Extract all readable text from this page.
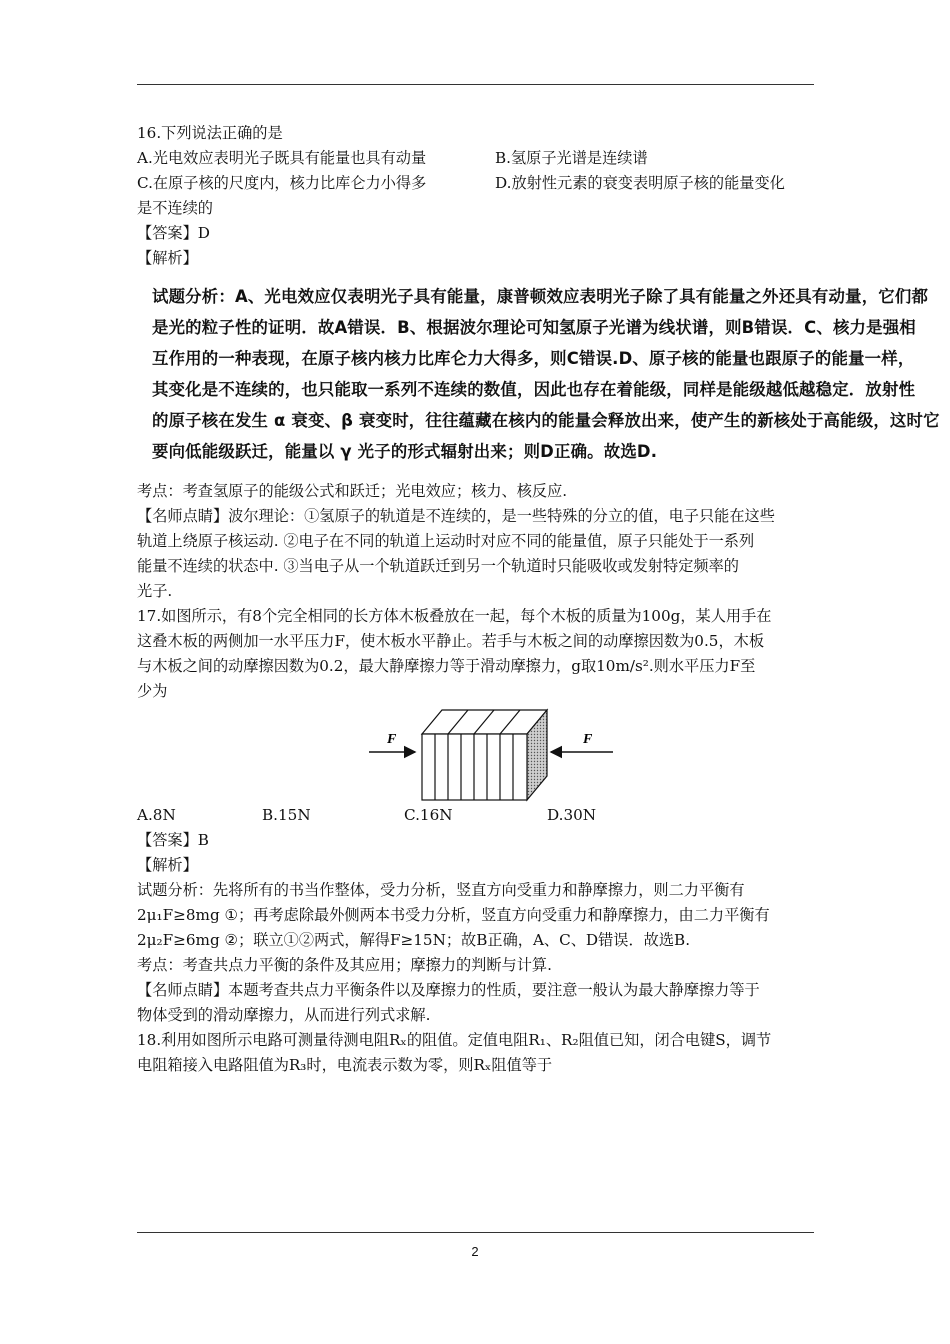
16.下列说法正确的是
A.光电效应表明光子既具有能量也具有动量	B.氢原子光谱是连续谱
C.在原子核的尺度内，核力比库仑力小得多	D.放射性元素的衰变表明原子核的能量变化
是不连续的
【答案】D
【解析】
试题分析：A、光电效应仅表明光子具有能量，康普顿效应表明光子除了具有能量之外还具有动量，它们都
是光的粒子性的证明．故A错误．B、根据波尔理论可知氢原子光谱为线状谱，则B错误．C、核力是强相
互作用的一种表现，在原子核内核力比库仑力大得多，则C错误.D、原子核的能量也跟原子的能量一样，
其变化是不连续的，也只能取一系列不连续的数值，因此也存在着能级，同样是能级越低越稳定．放射性
的原子核在发生 α 衰变、β 衰变时，往往蕴藏在核内的能量会释放出来，使产生的新核处于高能级，这时它
要向低能级跃迁，能量以 γ 光子的形式辐射出来；则D正确。故选D.
考点：考查氢原子的能级公式和跃迁；光电效应；核力、核反应.
【名师点睛】波尔理论：①氢原子的轨道是不连续的，是一些特殊的分立的值，电子只能在这些
轨道上绕原子核运动. ②电子在不同的轨道上运动时对应不同的能量值，原子只能处于一系列
能量不连续的状态中. ③当电子从一个轨道跃迁到另一个轨道时只能吸收或发射特定频率的
光子.
17.如图所示，有8个完全相同的长方体木板叠放在一起，每个木板的质量为100g，某人用手在
这叠木板的两侧加一水平压力F，使木板水平静止。若手与木板之间的动摩擦因数为0.5，木板
与木板之间的动摩擦因数为0.2，最大静摩擦力等于滑动摩擦力，g取10m/s².则水平压力F至
少为
F	F
A.8N	B.15N	C.16N	D.30N
【答案】B
【解析】
试题分析：先将所有的书当作整体，受力分析，竖直方向受重力和静摩擦力，则二力平衡有
2μ₁F≥8mg ①；再考虑除最外侧两本书受力分析，竖直方向受重力和静摩擦力，由二力平衡有
2μ₂F≥6mg ②；联立①②两式，解得F≥15N；故B正确，A、C、D错误．故选B.
考点：考查共点力平衡的条件及其应用；摩擦力的判断与计算.
【名师点睛】本题考查共点力平衡条件以及摩擦力的性质，要注意一般认为最大静摩擦力等于
物体受到的滑动摩擦力，从而进行列式求解.
18.利用如图所示电路可测量待测电阻Rₓ的阻值。定值电阻R₁、R₂阻值已知，闭合电键S，调节
电阻箱接入电路阻值为R₃时，电流表示数为零，则Rₓ阻值等于
2
